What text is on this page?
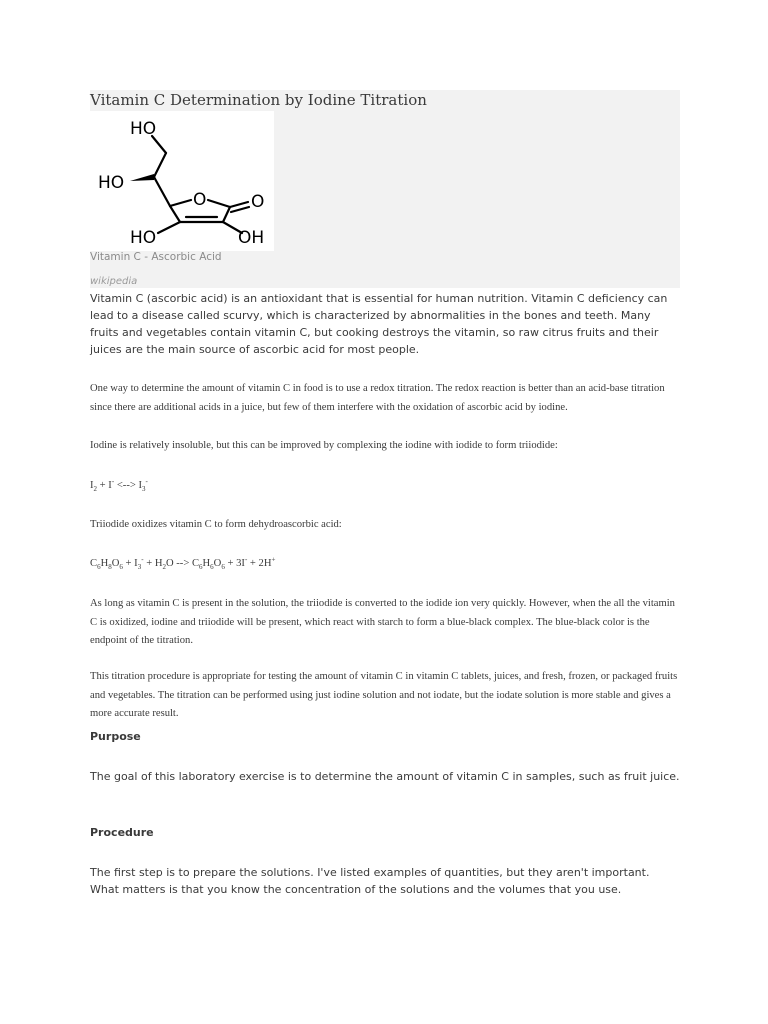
Vitamin C Determination by Iodine Titration
HO
HO
O	O
HO	OH
Vitamin C - Ascorbic Acid
wikipedia

Vitamin C (ascorbic acid) is an antioxidant that is essential for human nutrition. Vitamin C deficiency can lead to a disease called scurvy, which is characterized by abnormalities in the bones and teeth. Many fruits and vegetables contain vitamin C, but cooking destroys the vitamin, so raw citrus fruits and their juices are the main source of ascorbic acid for most people.

One way to determine the amount of vitamin C in food is to use a redox titration. The redox reaction is better than an acid-base titration since there are additional acids in a juice, but few of them interfere with the oxidation of ascorbic acid by iodine.

Iodine is relatively insoluble, but this can be improved by complexing the iodine with iodide to form triiodide:

$I_2 + I^-$ <--> $I_3^-$

Triiodide oxidizes vitamin C to form dehydroascorbic acid:

$C_6H_8O_6 + I_3^- + H_2O$ --> $C_6H_6O_6 + 3I^- + 2H^+$

As long as vitamin C is present in the solution, the triiodide is converted to the iodide ion very quickly. However, when the all the vitamin C is oxidized, iodine and triiodide will be present, which react with starch to form a blue-black complex. The blue-black color is the endpoint of the titration.

This titration procedure is appropriate for testing the amount of vitamin C in vitamin C tablets, juices, and fresh, frozen, or packaged fruits and vegetables. The titration can be performed using just iodine solution and not iodate, but the iodate solution is more stable and gives a more accurate result.

Purpose

The goal of this laboratory exercise is to determine the amount of vitamin C in samples, such as fruit juice.

Procedure

The first step is to prepare the solutions. I've listed examples of quantities, but they aren't important. What matters is that you know the concentration of the solutions and the volumes that you use.
